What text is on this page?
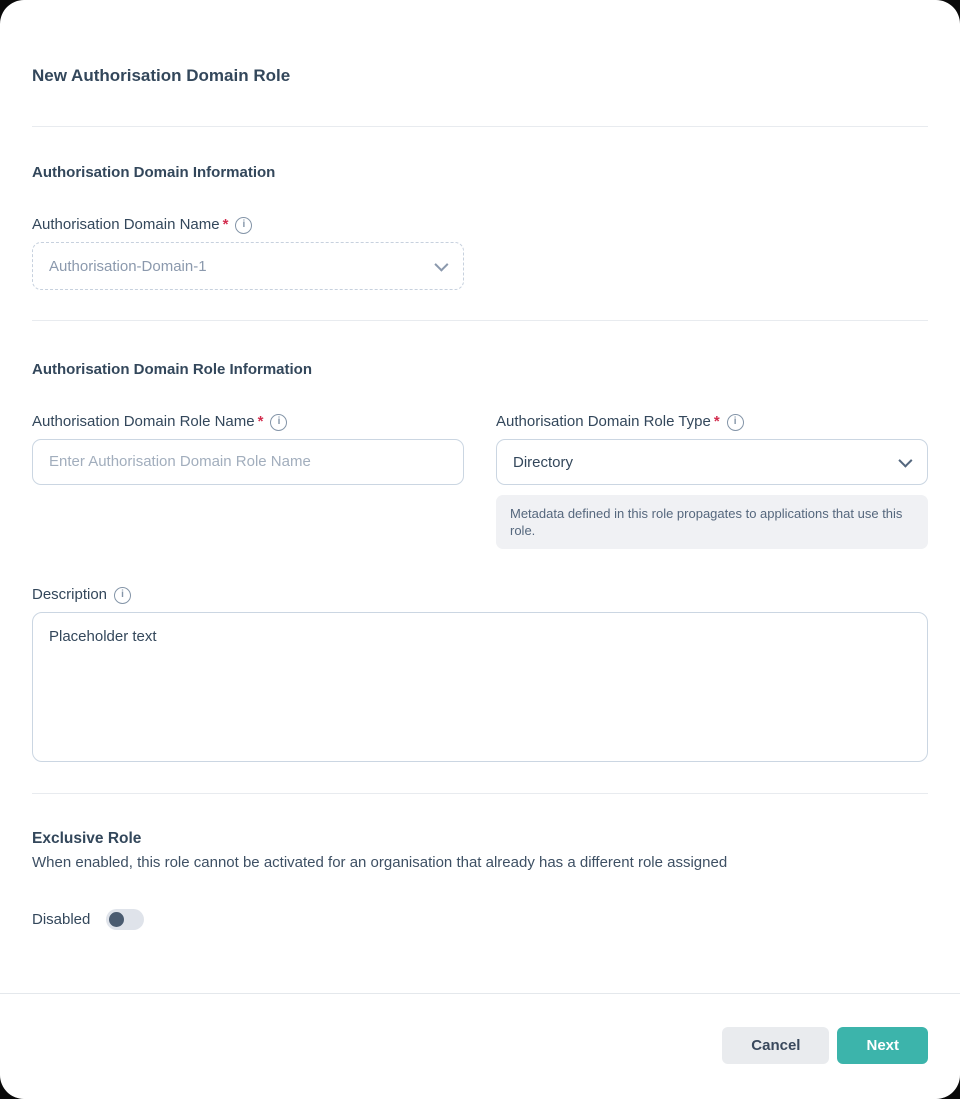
New Authorisation Domain Role
Authorisation Domain Information
Authorisation Domain Name *	i
Authorisation-Domain-1
Authorisation Domain Role Information
Authorisation Domain Role Name *	i
Enter Authorisation Domain Role Name	Authorisation Domain Role Type *	i
Directory
Metadata defined in this role propagates to applications that use this role.
Description	i
Placeholder text
Exclusive Role

When enabled, this role cannot be activated for an organisation that already has a different role assigned

Disabled
Cancel	Next
